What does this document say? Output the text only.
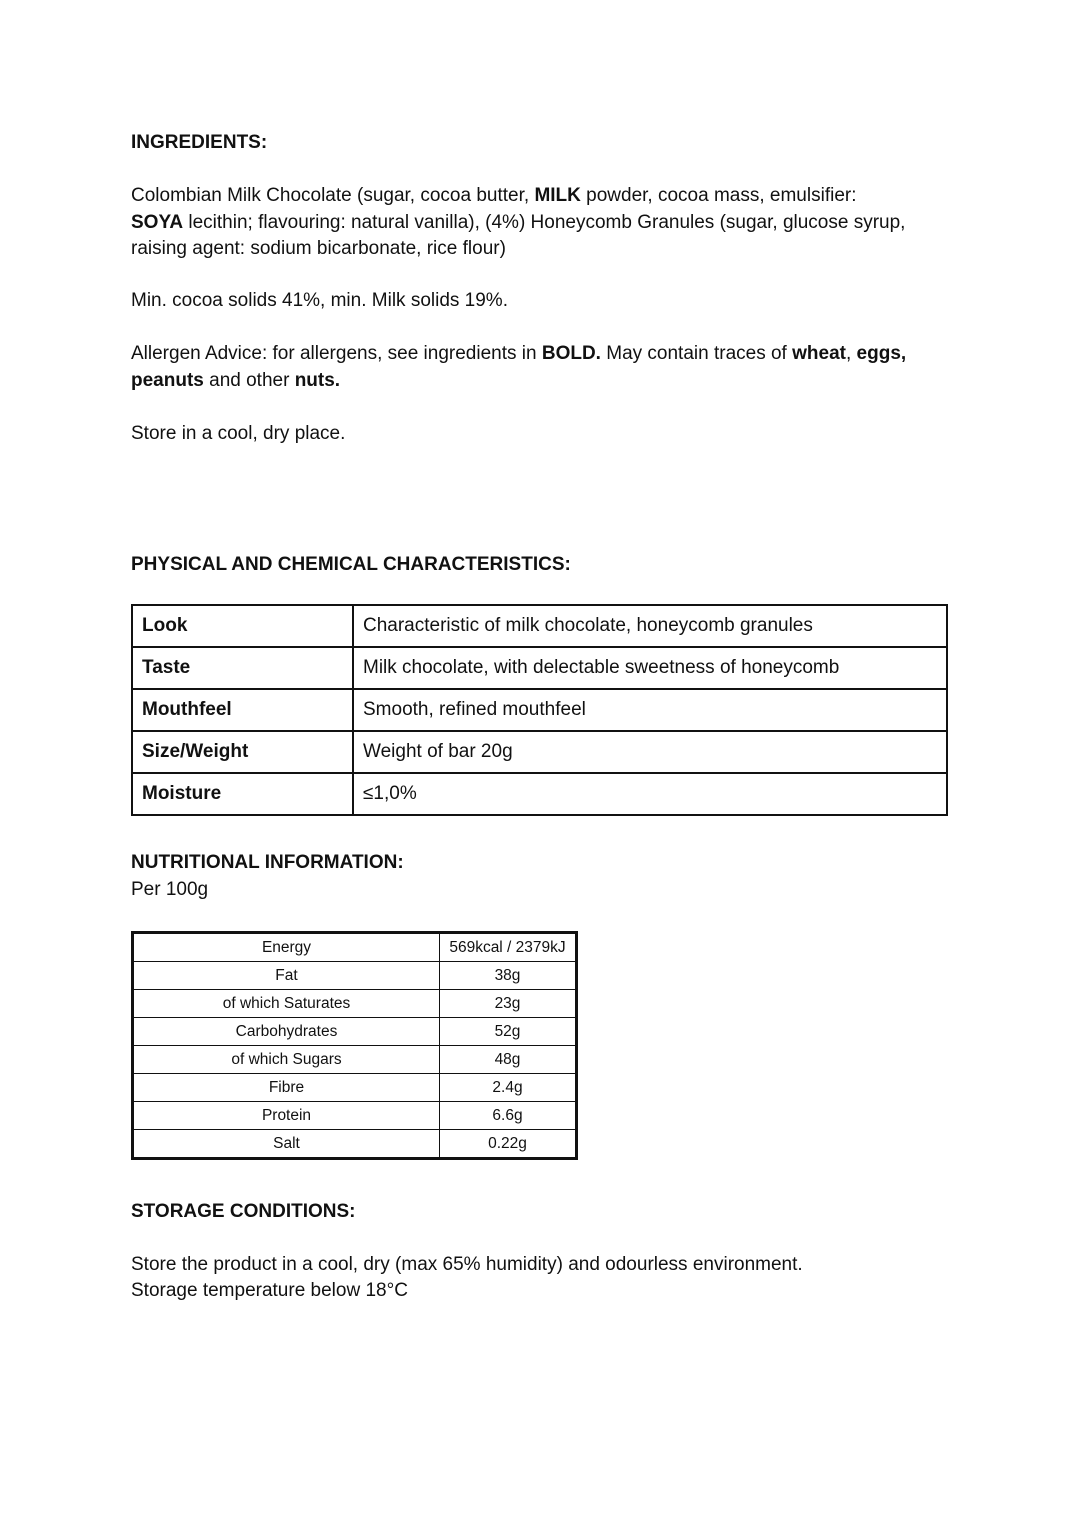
INGREDIENTS:

Colombian Milk Chocolate (sugar, cocoa butter, MILK powder, cocoa mass, emulsifier:
SOYA lecithin; flavouring: natural vanilla), (4%) Honeycomb Granules (sugar, glucose syrup,
raising agent: sodium bicarbonate, rice flour)

Min. cocoa solids 41%, min. Milk solids 19%.

Allergen Advice: for allergens, see ingredients in BOLD. May contain traces of wheat, eggs,
peanuts and other nuts.

Store in a cool, dry place.
PHYSICAL AND CHEMICAL CHARACTERISTICS:
Look	Characteristic of milk chocolate, honeycomb granules
Taste	Milk chocolate, with delectable sweetness of honeycomb
Mouthfeel	Smooth, refined mouthfeel
Size/Weight	Weight of bar 20g
Moisture	≤1,0%
NUTRITIONAL INFORMATION:
Per 100g
Energy	569kcal / 2379kJ
Fat	38g
of which Saturates	23g
Carbohydrates	52g
of which Sugars	48g
Fibre	2.4g
Protein	6.6g
Salt	0.22g
STORAGE CONDITIONS:
Store the product in a cool, dry (max 65% humidity) and odourless environment.
Storage temperature below 18°C
